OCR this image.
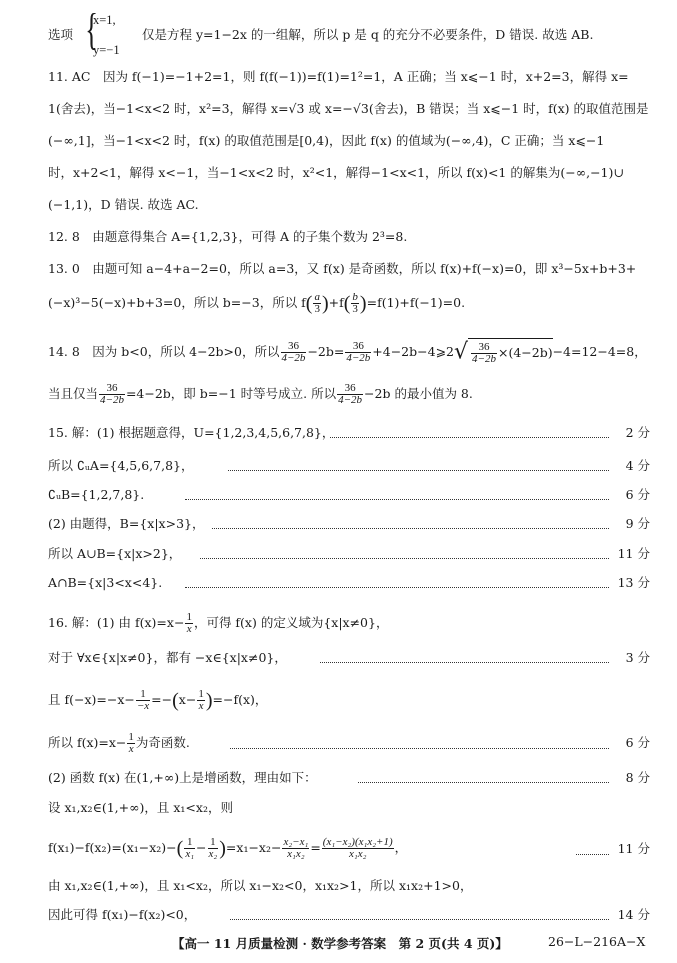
选项 {
x=1,
y=−1
仅是方程 y=1−2x 的一组解，所以 p 是 q 的充分不必要条件，D 错误. 故选 AB.
11. AC　因为 f(−1)=−1+2=1，则 f(f(−1))=f(1)=1²=1，A 正确；当 x⩽−1 时，x+2=3，解得 x=
1(舍去)，当−1<x<2 时，x²=3，解得 x=√3 或 x=−√3(舍去)，B 错误；当 x⩽−1 时，f(x) 的取值范围是
(−∞,1]，当−1<x<2 时，f(x) 的取值范围是[0,4)，因此 f(x) 的值域为(−∞,4)，C 正确；当 x⩽−1
时，x+2<1，解得 x<−1，当−1<x<2 时，x²<1，解得−1<x<1，所以 f(x)<1 的解集为(−∞,−1)∪
(−1,1)，D 错误. 故选 AC.
12. 8　由题意得集合 A={1,2,3}，可得 A 的子集个数为 2³=8.
13. 0　由题可知 a−4+a−2=0，所以 a=3，又 f(x) 是奇函数，所以 f(x)+f(−x)=0，即 x³−5x+b+3+
(−x)³−5(−x)+b+3=0，所以 b=−3，所以 $f( \frac{a}{3} )+f( \frac{b}{3} )=f(1)+f(-1)=0$.
14. 8　因为 b<0，所以 4−2b>0，所以 $\frac{36}{4-2b} -2b= \frac{36}{4-2b}$ +4−2b−4⩾2√ $\frac{36}{4-2b} \times(4-2b)-4=12-4=8$，
当且仅当 $\frac{36}{4-2b} =4-2b$，即 b=−1 时等号成立. 所以 $\frac{36}{4-2b} -2b$ 的最小值为 8.
15. 解：(1) 根据题意得，U={1,2,3,4,5,6,7,8}，	2 分
所以 ∁ᵤA={4,5,6,7,8}，	4 分
∁ᵤB={1,2,7,8}.	6 分
(2) 由题得，B={x|x>3}，	9 分
所以 A∪B={x|x>2}，	11 分
A∩B={x|3<x<4}.	13 分
16. 解：(1) 由 $f(x)=x- \frac{1}{x}$ ，可得 f(x) 的定义域为{x|x≠0}，
对于 ∀x∈{x|x≠0}，都有 −x∈{x|x≠0}，	3 分
且 $f(-x)=-x- \frac{1}{-x} =-(x- \frac{1}{x} )=-f(x)$，
所以 $f(x)=x- \frac{1}{x}$ 为奇函数.	6 分
(2) 函数 f(x) 在(1,+∞)上是增函数，理由如下：	8 分
设 x₁,x₂∈(1,+∞)，且 x₁<x₂，则
$f(x_1)-f(x_2)=(x_1-x_2)-( \frac{1}{\text{x₁}} - \frac{1}{\text{x₂}} )=x_1-x_2- \frac{\text{x₂−x₁}}{\text{x₁x₂}} = \frac{\text{(x₁−x₂)(x₁x₂+1)}}{\text{x₁x₂}}$ ，	11 分
由 x₁,x₂∈(1,+∞)，且 x₁<x₂，所以 x₁−x₂<0，x₁x₂>1，所以 x₁x₂+1>0，
因此可得 f(x₁)−f(x₂)<0，	14 分
【高一 11 月质量检测 · 数学参考答案　第 2 页(共 4 页)】	26−L−216A−X
